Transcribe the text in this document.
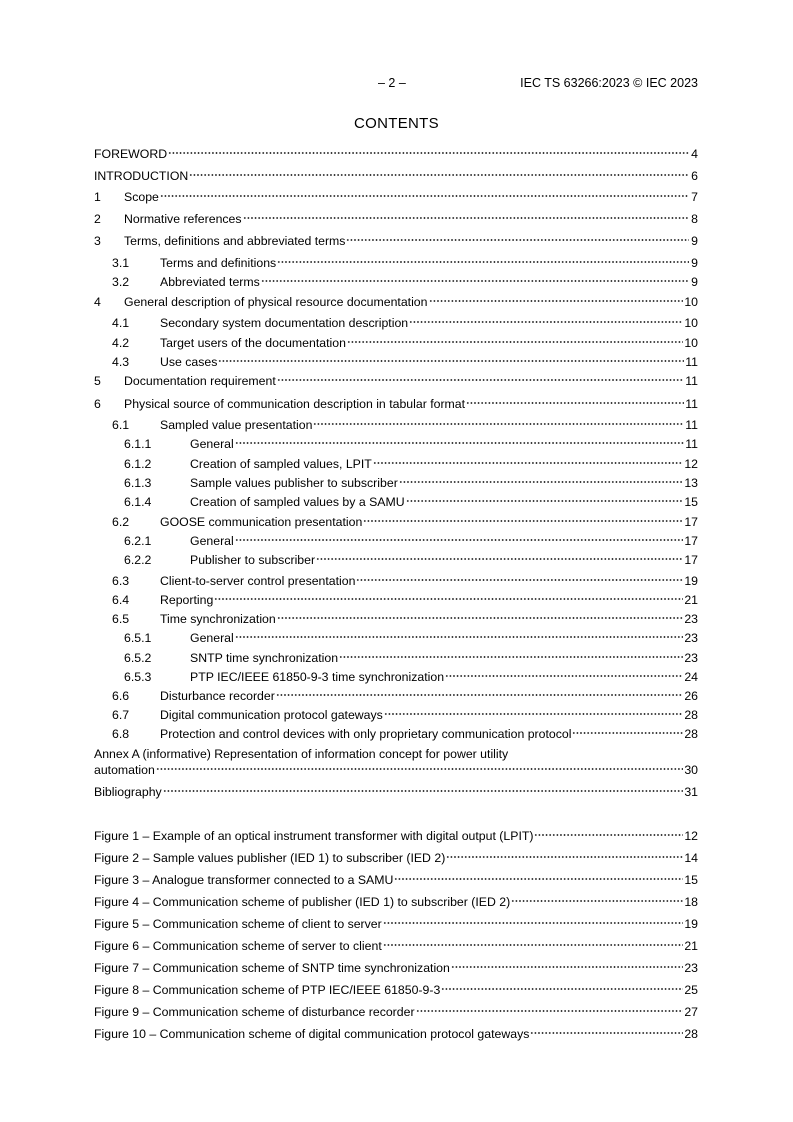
– 2 –	IEC TS 63266:2023 © IEC 2023
CONTENTS
FOREWORD	4
INTRODUCTION	6
1	Scope	7
2	Normative references	8
3	Terms, definitions and abbreviated terms	9
3.1	Terms and definitions	9
3.2	Abbreviated terms	9
4	General description of physical resource documentation	10
4.1	Secondary system documentation description	10
4.2	Target users of the documentation	10
4.3	Use cases	11
5	Documentation requirement	11
6	Physical source of communication description in tabular format	11
6.1	Sampled value presentation	11
6.1.1	General	11
6.1.2	Creation of sampled values, LPIT	12
6.1.3	Sample values publisher to subscriber	13
6.1.4	Creation of sampled values by a SAMU	15
6.2	GOOSE communication presentation	17
6.2.1	General	17
6.2.2	Publisher to subscriber	17
6.3	Client-to-server control presentation	19
6.4	Reporting	21
6.5	Time synchronization	23
6.5.1	General	23
6.5.2	SNTP time synchronization	23
6.5.3	PTP IEC/IEEE 61850-9-3 time synchronization	24
6.6	Disturbance recorder	26
6.7	Digital communication protocol gateways	28
6.8	Protection and control devices with only proprietary communication protocol	28
Annex A (informative) Representation of information concept for power utility
automation	30
Bibliography	31
Figure 1 – Example of an optical instrument transformer with digital output (LPIT)	12
Figure 2 – Sample values publisher (IED 1) to subscriber (IED 2)	14
Figure 3 – Analogue transformer connected to a SAMU	15
Figure 4 – Communication scheme of publisher (IED 1) to subscriber (IED 2)	18
Figure 5 – Communication scheme of client to server	19
Figure 6 – Communication scheme of server to client	21
Figure 7 – Communication scheme of SNTP time synchronization	23
Figure 8 – Communication scheme of PTP IEC/IEEE 61850-9-3	25
Figure 9 – Communication scheme of disturbance recorder	27
Figure 10 – Communication scheme of digital communication protocol gateways	28
